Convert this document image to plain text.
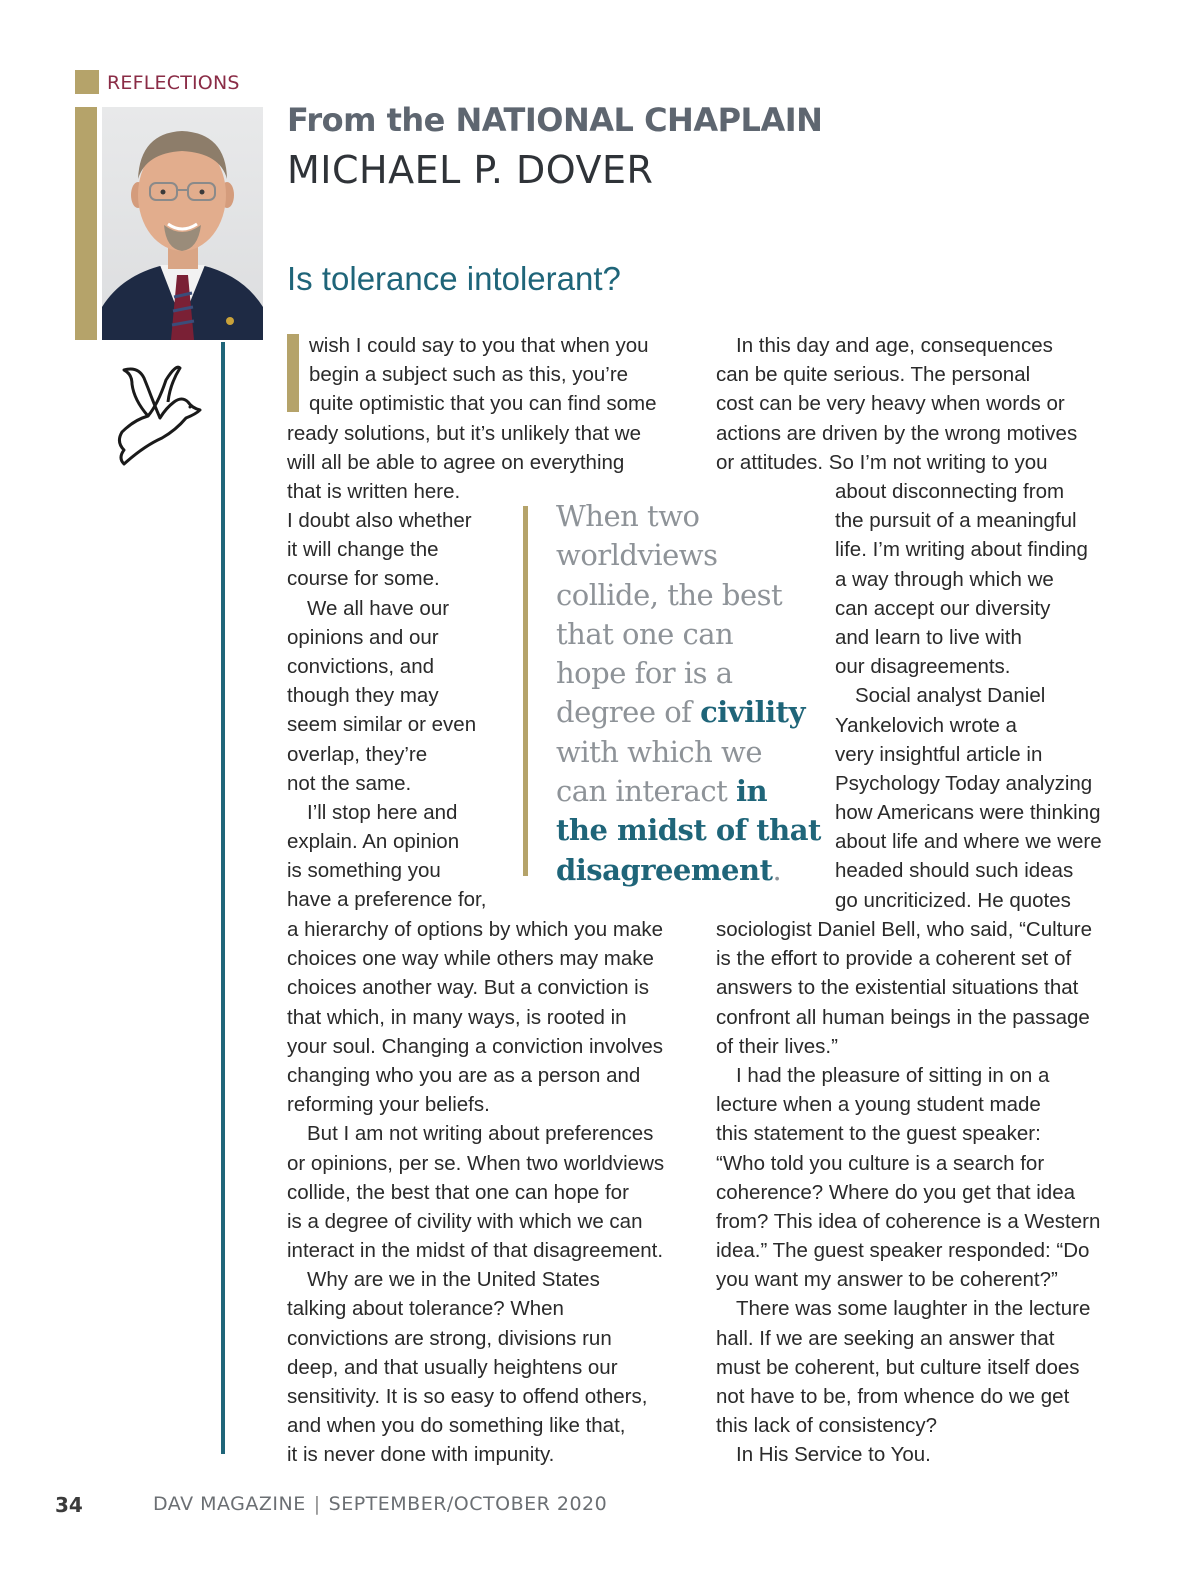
REFLECTIONS
From the NATIONAL CHAPLAIN
MICHAEL P. DOVER
Is tolerance intolerant?
wish I could say to you that when you
begin a subject such as this, you’re
quite optimistic that you can find some
ready solutions, but it’s unlikely that we
will all be able to agree on everything
that is written here.
I doubt also whether
it will change the
course for some.
We all have our
opinions and our
convictions, and
though they may
seem similar or even
overlap, they’re
not the same.
I’ll stop here and
explain. An opinion
is something you
have a preference for,
a hierarchy of options by which you make
choices one way while others may make
choices another way. But a conviction is
that which, in many ways, is rooted in
your soul. Changing a conviction involves
changing who you are as a person and
reforming your beliefs.
But I am not writing about preferences
or opinions, per se. When two worldviews
collide, the best that one can hope for
is a degree of civility with which we can
interact in the midst of that disagreement.
Why are we in the United States
talking about tolerance? When
convictions are strong, divisions run
deep, and that usually heightens our
sensitivity. It is so easy to offend others,
and when you do something like that,
it is never done with impunity.
When two
worldviews
collide, the best
that one can
hope for is a
degree of civility
with which we
can interact in
the midst of that
disagreement.
In this day and age, consequences
can be quite serious. The personal
cost can be very heavy when words or
actions are driven by the wrong motives
or attitudes. So I’m not writing to you
about disconnecting from
the pursuit of a meaningful
life. I’m writing about finding
a way through which we
can accept our diversity
and learn to live with
our disagreements.
Social analyst Daniel
Yankelovich wrote a
very insightful article in
Psychology Today analyzing
how Americans were thinking
about life and where we were
headed should such ideas
go uncriticized. He quotes
sociologist Daniel Bell, who said, “Culture
is the effort to provide a coherent set of
answers to the existential situations that
confront all human beings in the passage
of their lives.”
I had the pleasure of sitting in on a
lecture when a young student made
this statement to the guest speaker:
“Who told you culture is a search for
coherence? Where do you get that idea
from? This idea of coherence is a Western
idea.” The guest speaker responded: “Do
you want my answer to be coherent?”
There was some laughter in the lecture
hall. If we are seeking an answer that
must be coherent, but culture itself does
not have to be, from whence do we get
this lack of consistency?
In His Service to You.
34	DAV MAGAZINE | SEPTEMBER/OCTOBER 2020
